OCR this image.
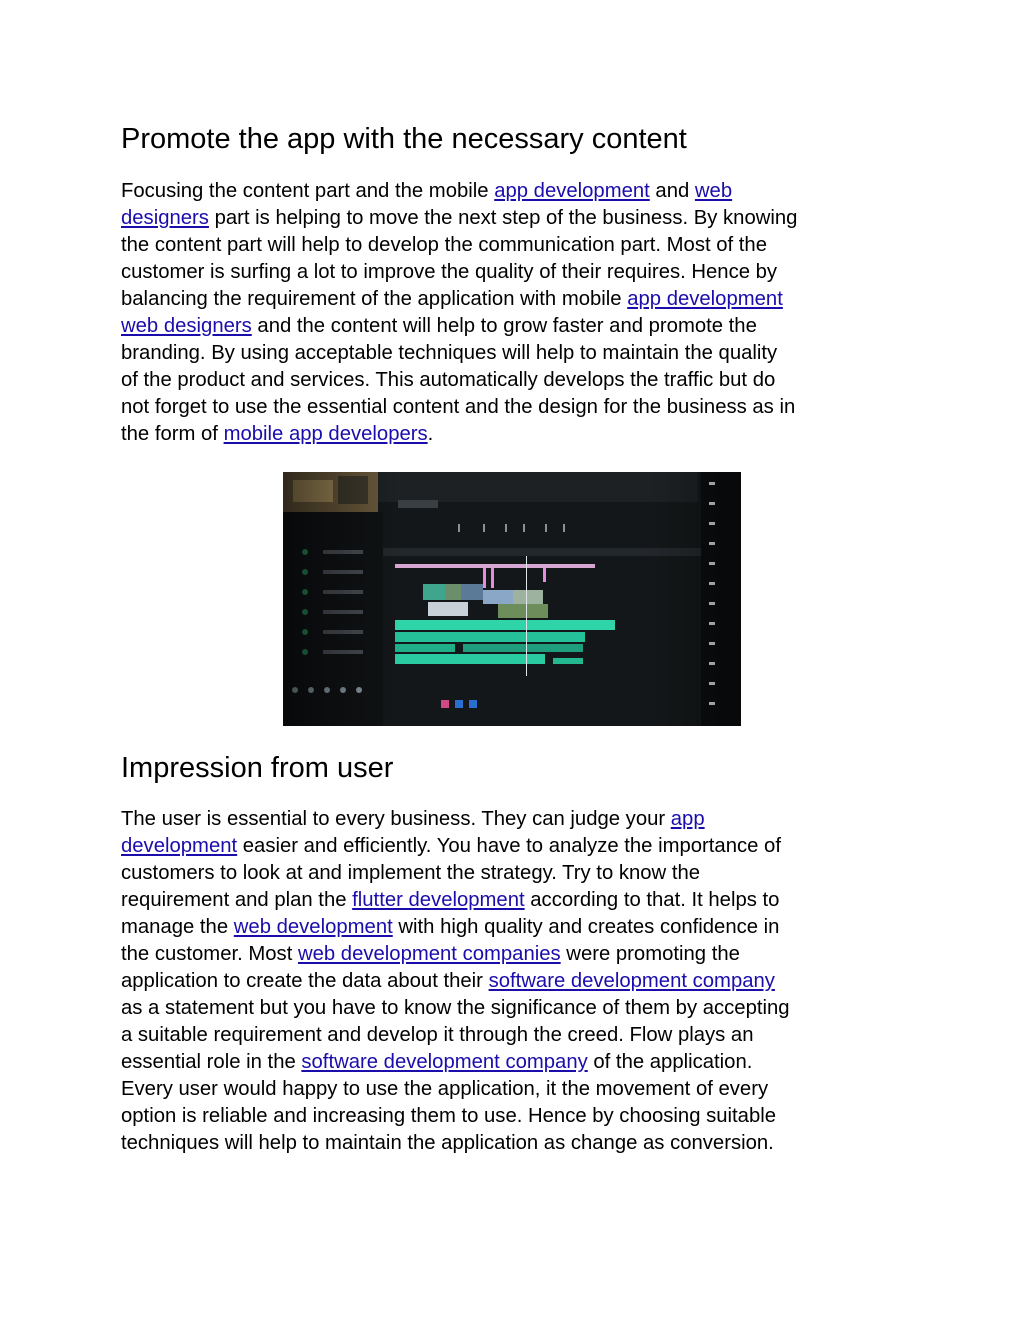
Promote the app with the necessary content
Focusing the content part and the mobile app development and web
designers part is helping to move the next step of the business. By knowing
the content part will help to develop the communication part. Most of the
customer is surfing a lot to improve the quality of their requires. Hence by
balancing the requirement of the application with mobile app development
web designers and the content will help to grow faster and promote the
branding. By using acceptable techniques will help to maintain the quality
of the product and services. This automatically develops the traffic but do
not forget to use the essential content and the design for the business as in
the form of mobile app developers.
Impression from user
The user is essential to every business. They can judge your app
development easier and efficiently. You have to analyze the importance of
customers to look at and implement the strategy. Try to know the
requirement and plan the flutter development according to that. It helps to
manage the web development with high quality and creates confidence in
the customer. Most web development companies were promoting the
application to create the data about their software development company
as a statement but you have to know the significance of them by accepting
a suitable requirement and develop it through the creed. Flow plays an
essential role in the software development company of the application.
Every user would happy to use the application, it the movement of every
option is reliable and increasing them to use. Hence by choosing suitable
techniques will help to maintain the application as change as conversion.
